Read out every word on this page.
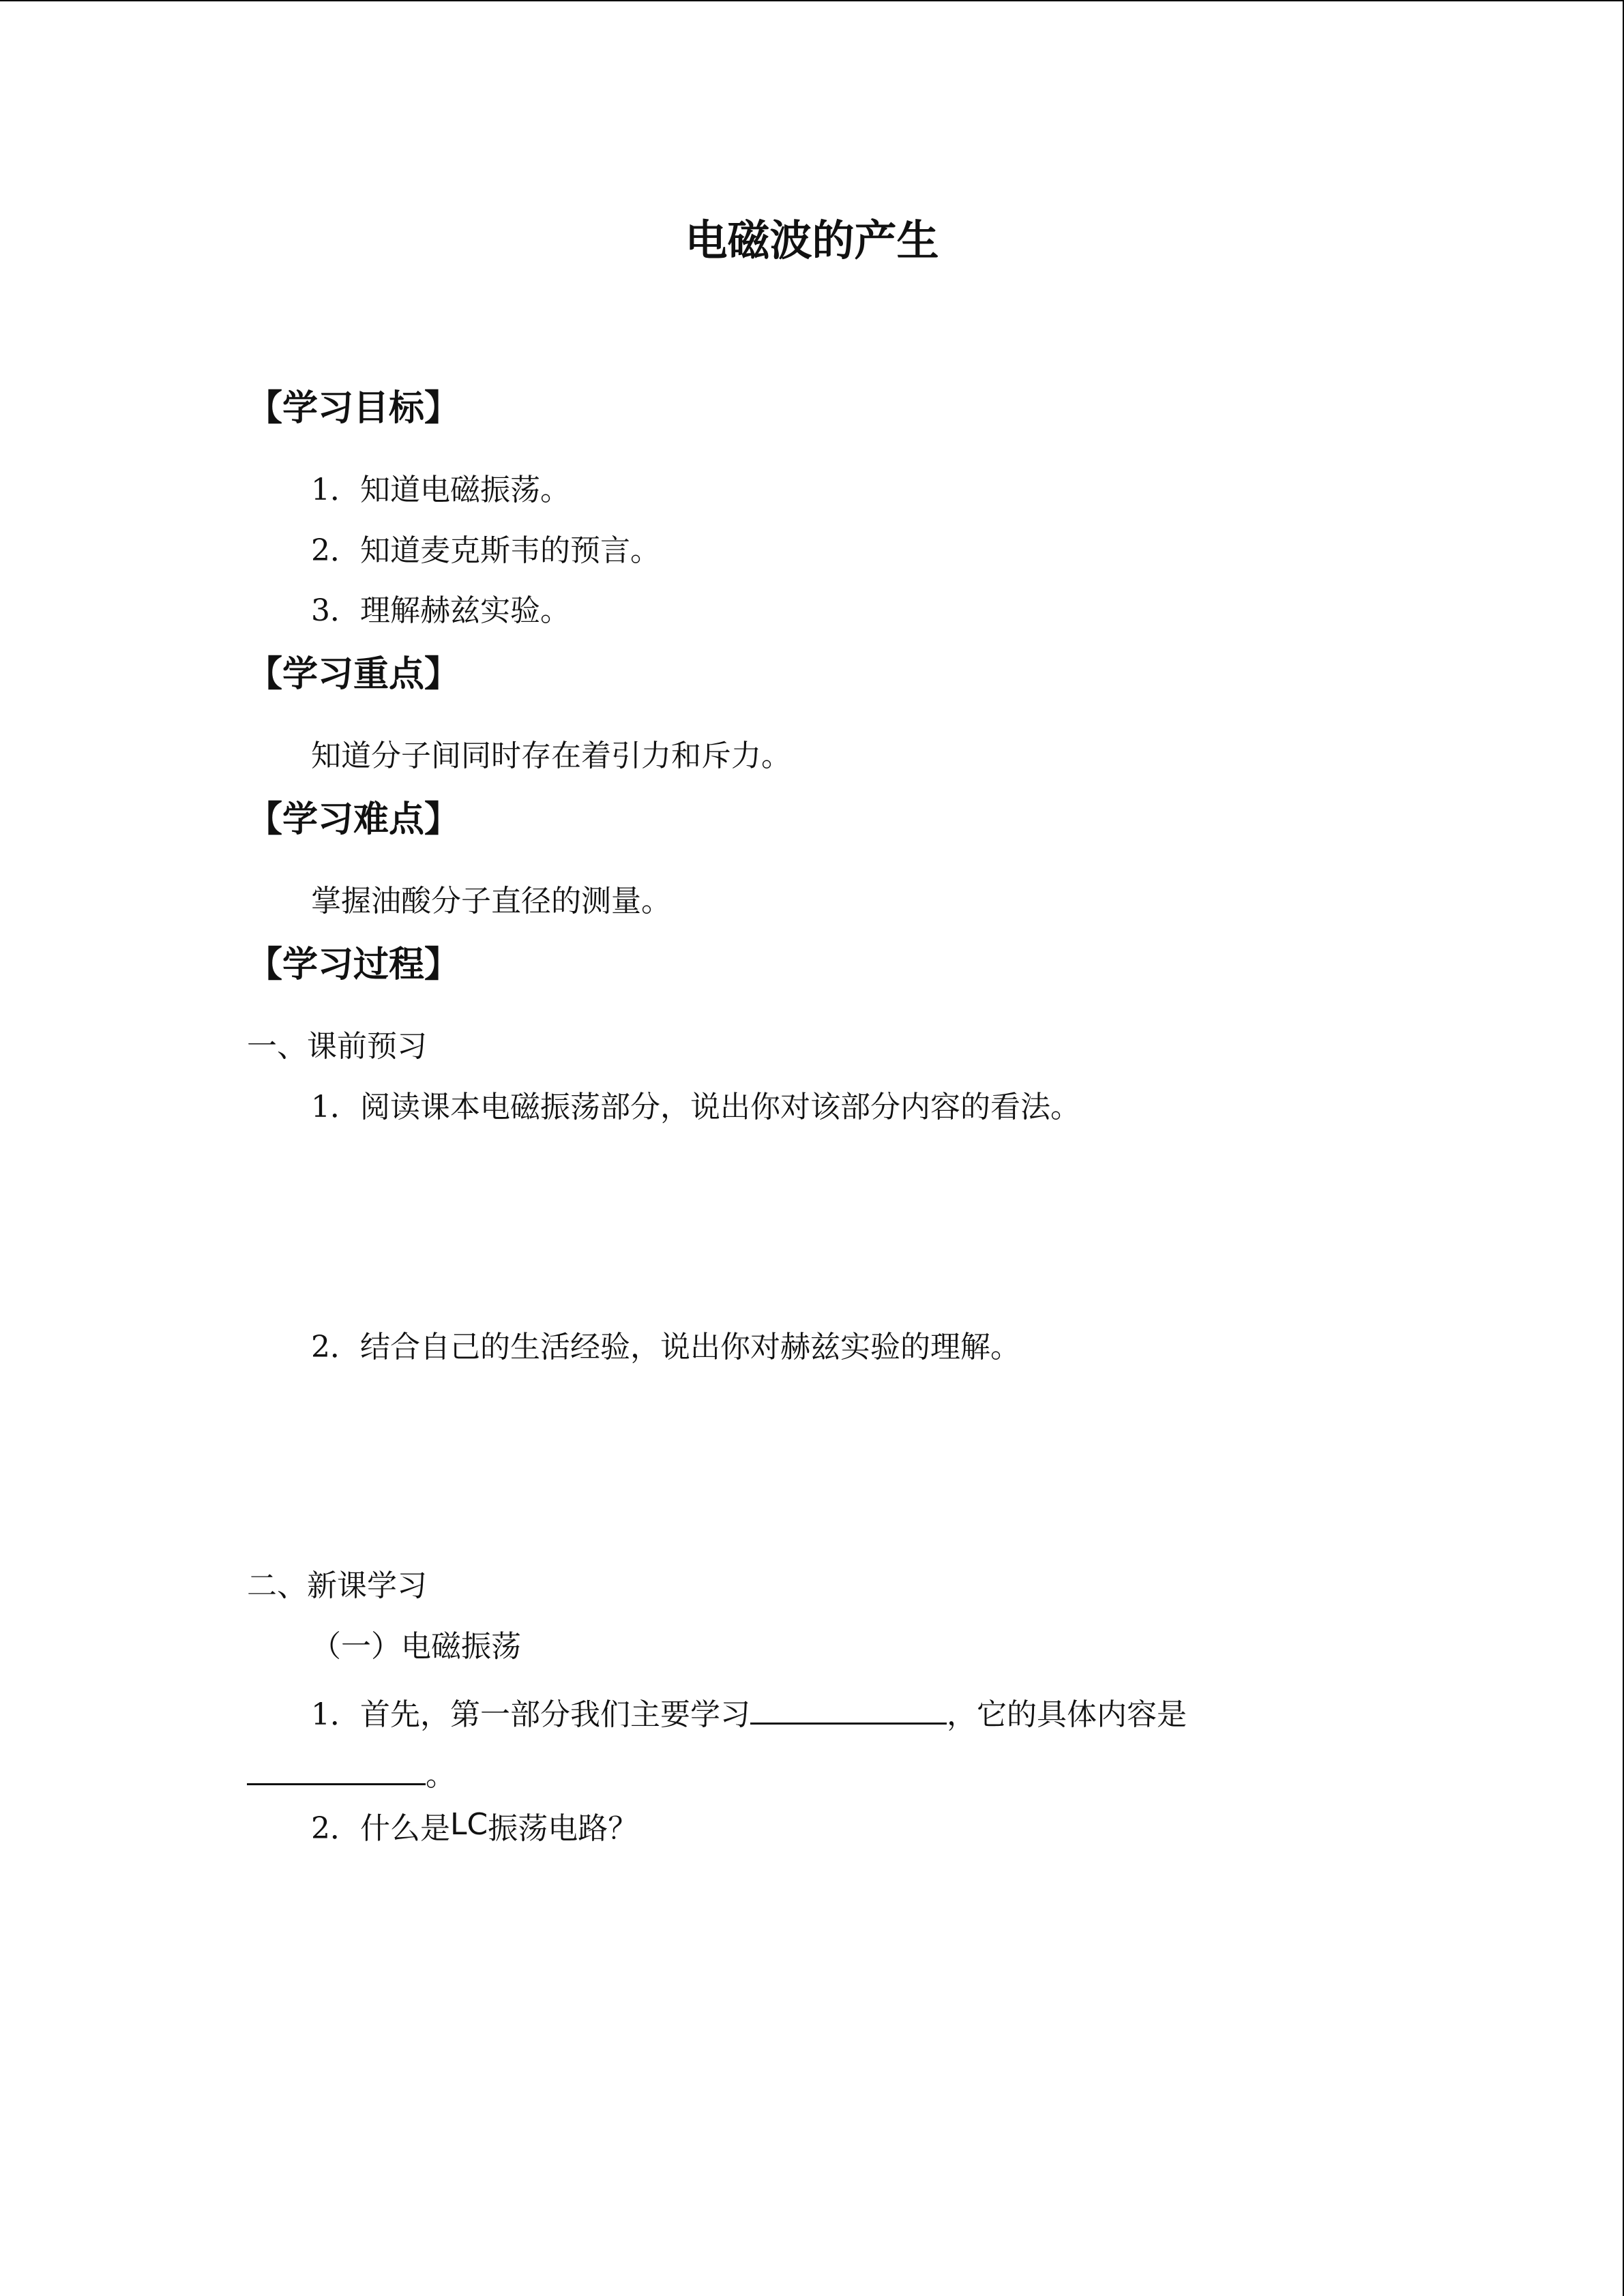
电磁波的产生
【学习目标】
1．知道电磁振荡。
2．知道麦克斯韦的预言。
3．理解赫兹实验。
【学习重点】
知道分子间同时存在着引力和斥力。
【学习难点】
掌握油酸分子直径的测量。
【学习过程】
一、课前预习
1．阅读课本电磁振荡部分，说出你对该部分内容的看法。
2．结合自己的生活经验，说出你对赫兹实验的理解。
二、新课学习
（一）电磁振荡
1．首先，第一部分我们主要学习	，它的具体内容是
。
2．什么是LC振荡电路？
